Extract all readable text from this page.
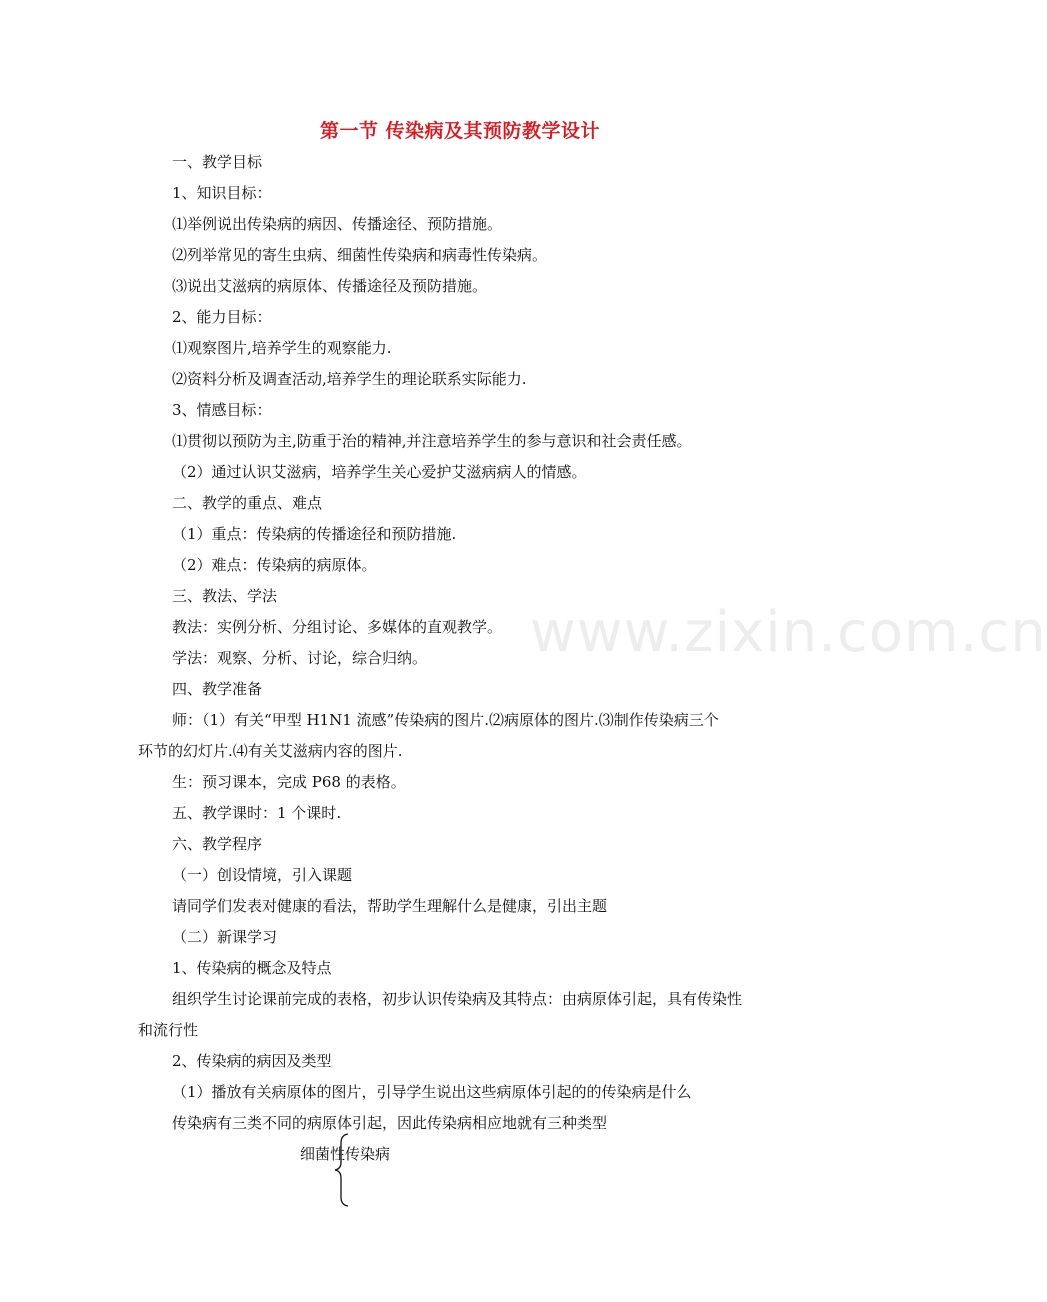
第一节 传染病及其预防教学设计
一、教学目标
1、知识目标：
⑴举例说出传染病的病因、传播途径、预防措施。
⑵列举常见的寄生虫病、细菌性传染病和病毒性传染病。
⑶说出艾滋病的病原体、传播途径及预防措施。
2、能力目标：
⑴观察图片,培养学生的观察能力.
⑵资料分析及调查活动,培养学生的理论联系实际能力.
3、情感目标：
⑴贯彻以预防为主,防重于治的精神,并注意培养学生的参与意识和社会责任感。
（2）通过认识艾滋病，培养学生关心爱护艾滋病病人的情感。
二、教学的重点、难点
（1）重点：传染病的传播途径和预防措施.
（2）难点：传染病的病原体。
三、教法、学法
教法：实例分析、分组讨论、多媒体的直观教学。
学法：观察、分析、讨论，综合归纳。
四、教学准备
师：（1）有关“甲型 H1N1 流感”传染病的图片.⑵病原体的图片.⑶制作传染病三个
环节的幻灯片.⑷有关艾滋病内容的图片.
生：预习课本，完成 P68 的表格。
五、教学课时：1 个课时.
六、教学程序
（一）创设情境，引入课题
请同学们发表对健康的看法，帮助学生理解什么是健康，引出主题
（二）新课学习
1、传染病的概念及特点
组织学生讨论课前完成的表格，初步认识传染病及其特点：由病原体引起，具有传染性
和流行性
2、传染病的病因及类型
（1）播放有关病原体的图片，引导学生说出这些病原体引起的的传染病是什么
传染病有三类不同的病原体引起，因此传染病相应地就有三种类型
细菌性传染病
www.zixin.com.cn
